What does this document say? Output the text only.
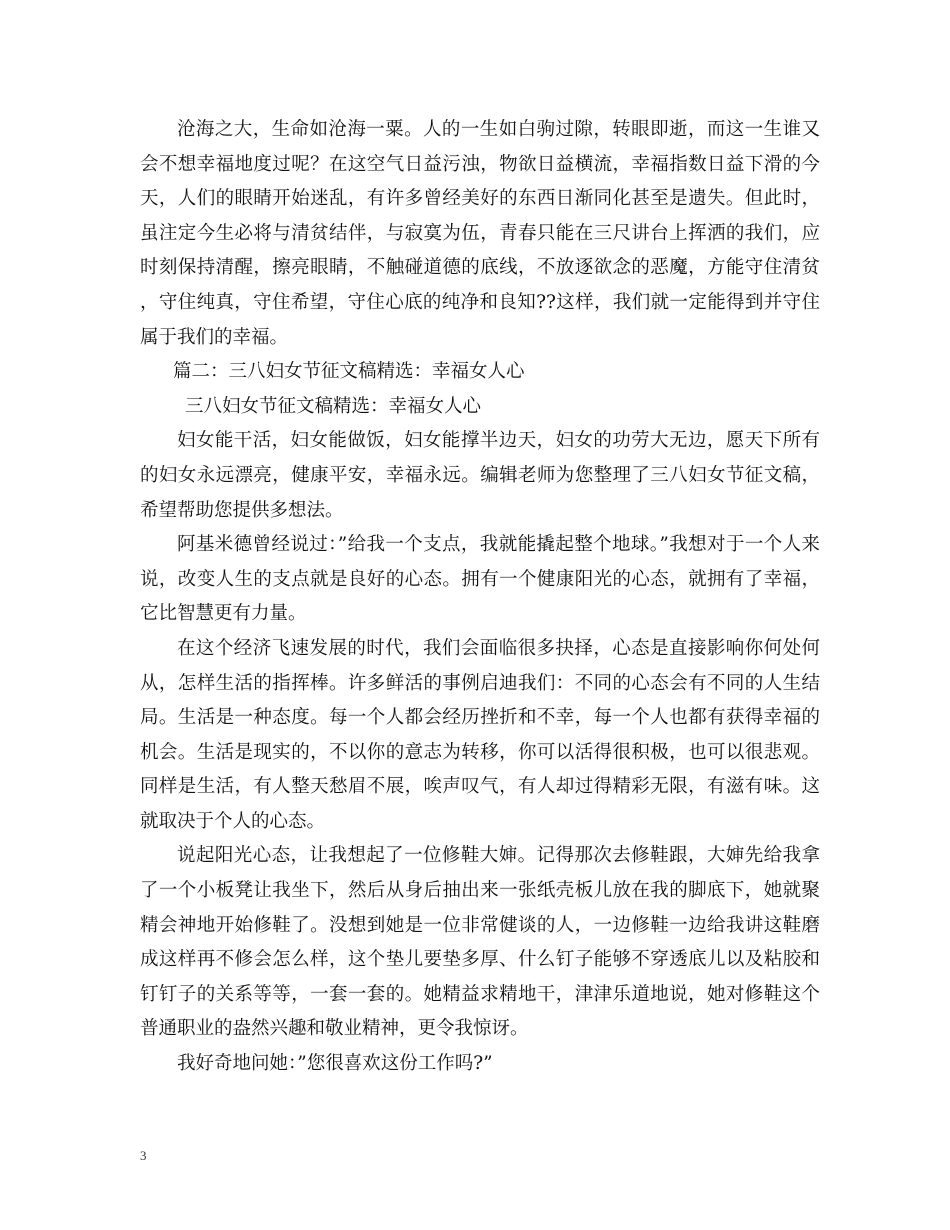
沧海之大，生命如沧海一粟。人的一生如白驹过隙，转眼即逝，而这一生谁又会不想幸福地度过呢？在这空气日益污浊，物欲日益横流，幸福指数日益下滑的今天，人们的眼睛开始迷乱，有许多曾经美好的东西日渐同化甚至是遗失。但此时，虽注定今生必将与清贫结伴，与寂寞为伍，青春只能在三尺讲台上挥洒的我们，应时刻保持清醒，擦亮眼睛，不触碰道德的底线，不放逐欲念的恶魔，方能守住清贫，守住纯真，守住希望，守住心底的纯净和良知??这样，我们就一定能得到并守住属于我们的幸福。

篇二：三八妇女节征文稿精选：幸福女人心

三八妇女节征文稿精选：幸福女人心

妇女能干活，妇女能做饭，妇女能撑半边天，妇女的功劳大无边，愿天下所有的妇女永远漂亮，健康平安，幸福永远。编辑老师为您整理了三八妇女节征文稿，希望帮助您提供多想法。

阿基米德曾经说过：”给我一个支点，我就能撬起整个地球。”我想对于一个人来说，改变人生的支点就是良好的心态。拥有一个健康阳光的心态，就拥有了幸福，它比智慧更有力量。

在这个经济飞速发展的时代，我们会面临很多抉择，心态是直接影响你何处何从，怎样生活的指挥棒。许多鲜活的事例启迪我们：不同的心态会有不同的人生结局。生活是一种态度。每一个人都会经历挫折和不幸，每一个人也都有获得幸福的机会。生活是现实的，不以你的意志为转移，你可以活得很积极，也可以很悲观。同样是生活，有人整天愁眉不展，唉声叹气，有人却过得精彩无限，有滋有味。这就取决于个人的心态。

说起阳光心态，让我想起了一位修鞋大婶。记得那次去修鞋跟，大婶先给我拿了一个小板凳让我坐下，然后从身后抽出来一张纸壳板儿放在我的脚底下，她就聚精会神地开始修鞋了。没想到她是一位非常健谈的人，一边修鞋一边给我讲这鞋磨成这样再不修会怎么样，这个垫儿要垫多厚、什么钉子能够不穿透底儿以及粘胶和钉钉子的关系等等，一套一套的。她精益求精地干，津津乐道地说，她对修鞋这个普通职业的盎然兴趣和敬业精神，更令我惊讶。

我好奇地问她：”您很喜欢这份工作吗?”

3
